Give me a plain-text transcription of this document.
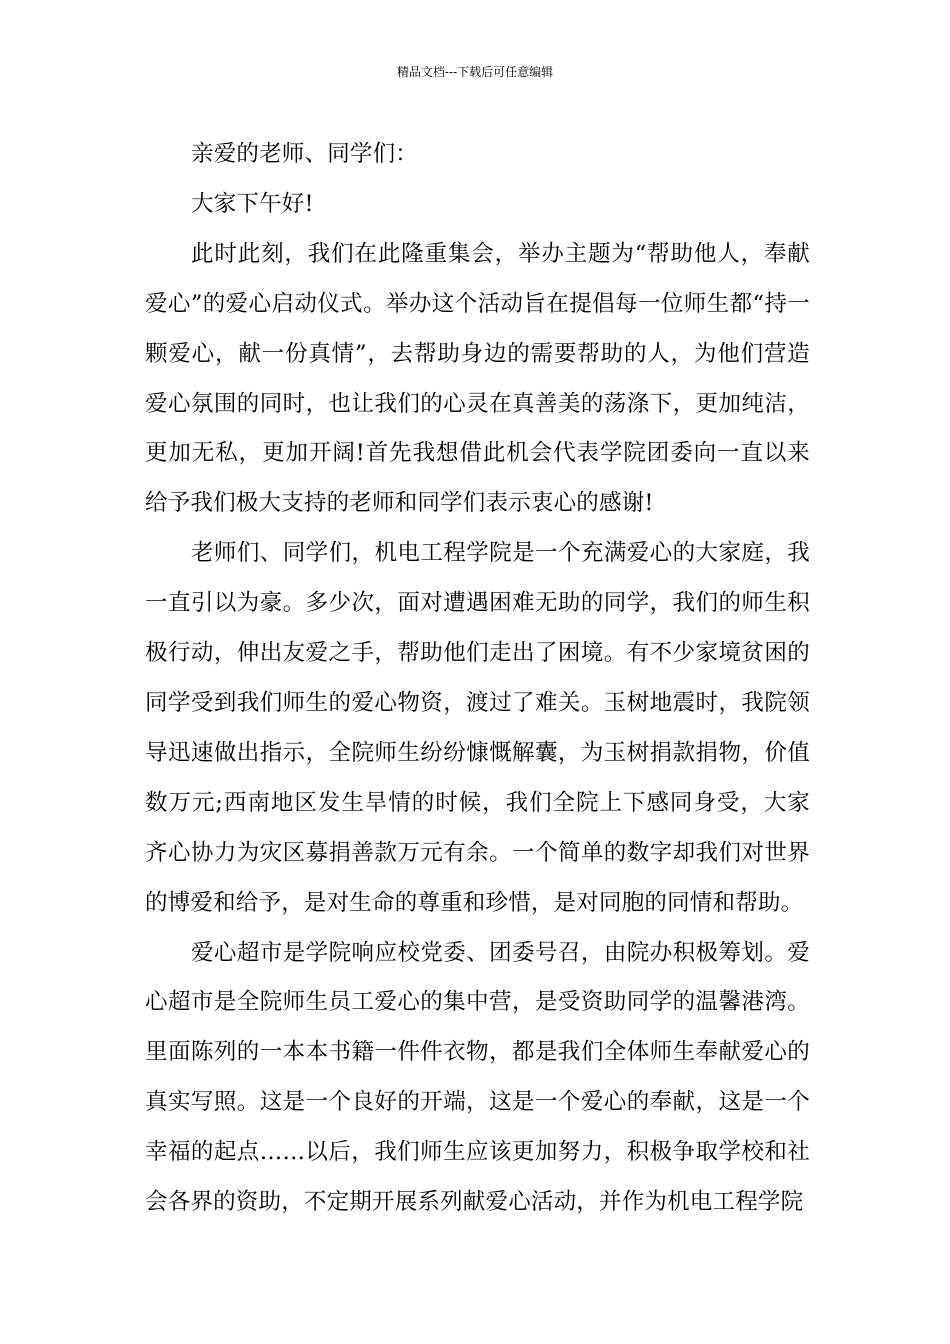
精品文档---下载后可任意编辑

亲爱的老师、同学们：

大家下午好!

此时此刻，我们在此隆重集会，举办主题为“帮助他人，奉献爱心”的爱心启动仪式。举办这个活动旨在提倡每一位师生都“持一颗爱心，献一份真情”，去帮助身边的需要帮助的人，为他们营造爱心氛围的同时，也让我们的心灵在真善美的荡涤下，更加纯洁，更加无私，更加开阔!首先我想借此机会代表学院团委向一直以来给予我们极大支持的老师和同学们表示衷心的感谢!

老师们、同学们，机电工程学院是一个充满爱心的大家庭，我一直引以为豪。多少次，面对遭遇困难无助的同学，我们的师生积极行动，伸出友爱之手，帮助他们走出了困境。有不少家境贫困的同学受到我们师生的爱心物资，渡过了难关。玉树地震时，我院领导迅速做出指示，全院师生纷纷慷慨解囊，为玉树捐款捐物，价值数万元;西南地区发生旱情的时候，我们全院上下感同身受，大家齐心协力为灾区募捐善款万元有余。一个简单的数字却我们对世界的博爱和给予，是对生命的尊重和珍惜，是对同胞的同情和帮助。

爱心超市是学院响应校党委、团委号召，由院办积极筹划。爱心超市是全院师生员工爱心的集中营，是受资助同学的温馨港湾。里面陈列的一本本书籍一件件衣物，都是我们全体师生奉献爱心的真实写照。这是一个良好的开端，这是一个爱心的奉献，这是一个幸福的起点……以后，我们师生应该更加努力，积极争取学校和社会各界的资助，不定期开展系列献爱心活动，并作为机电工程学院
